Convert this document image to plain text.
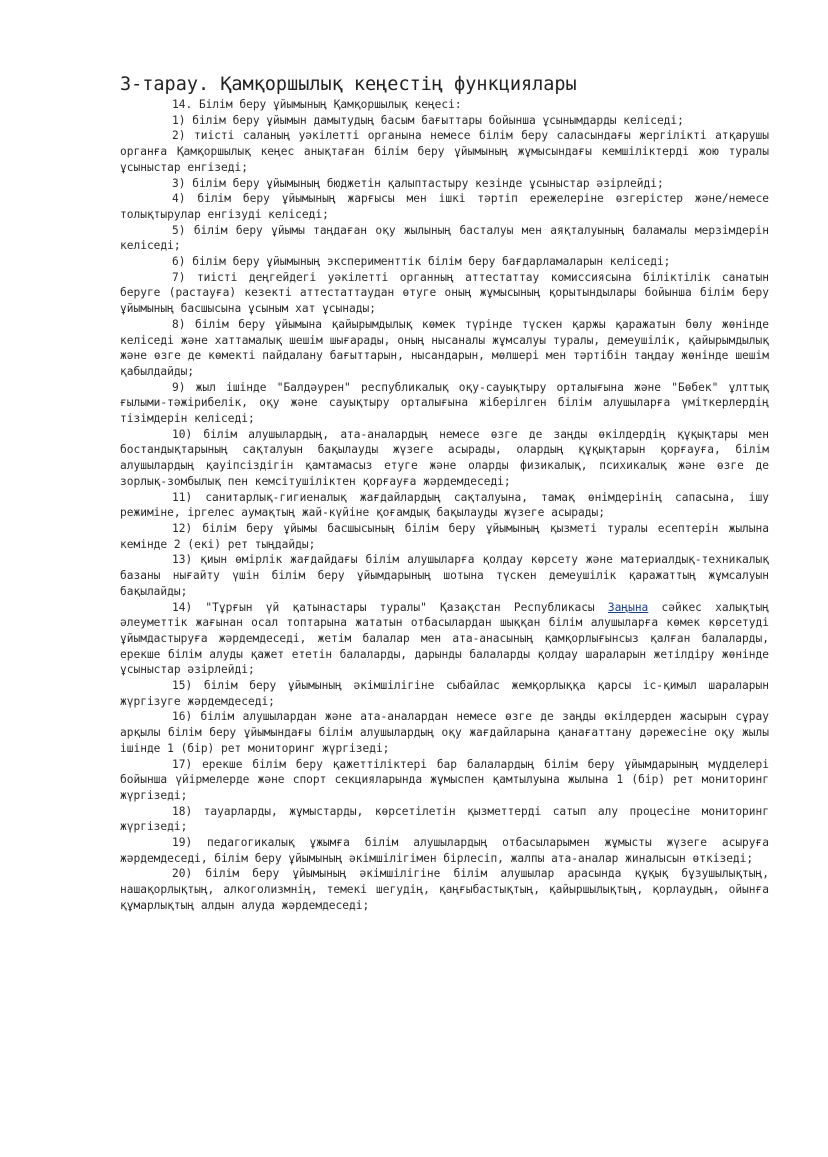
3-тарау. Қамқоршылық кеңестің функциялары

14. Білім беру ұйымының Қамқоршылық кеңесі:

1) білім беру ұйымын дамытудың басым бағыттары бойынша ұсынымдарды келіседі;

2) тиісті саланың уәкілетті органына немесе білім беру саласындағы жергілікті атқарушы органға Қамқоршылық кеңес анықтаған білім беру ұйымының жұмысындағы кемшіліктерді жою туралы ұсыныстар енгізеді;

3) білім беру ұйымының бюджетін қалыптастыру кезінде ұсыныстар әзірлейді;

4) білім беру ұйымының жарғысы мен ішкі тәртіп ережелеріне өзгерістер және/немесе толықтырулар енгізуді келіседі;

5) білім беру ұйымы таңдаған оқу жылының басталуы мен аяқталуының баламалы мерзімдерін келіседі;

6) білім беру ұйымының эксперименттік білім беру бағдарламаларын келіседі;

7) тиісті деңгейдегі уәкілетті органның аттестаттау комиссиясына біліктілік санатын беруге (растауға) кезекті аттестаттаудан өтуге оның жұмысының қорытындылары бойынша білім беру ұйымының басшысына ұсыным хат ұсынады;

8) білім беру ұйымына қайырымдылық көмек түрінде түскен қаржы қаражатын бөлу жөнінде келіседі және хаттамалық шешім шығарады, оның нысаналы жұмсалуы туралы, демеушілік, қайырымдылық және өзге де көмекті пайдалану бағыттарын, нысандарын, мөлшері мен тәртібін таңдау жөнінде шешім қабылдайды;

9) жыл ішінде "Балдәурен" республикалық оқу-сауықтыру орталығына және "Бөбек" ұлттық ғылыми-тәжірибелік, оқу және сауықтыру орталығына жіберілген білім алушыларға үміткерлердің тізімдерін келіседі;

10) білім алушылардың, ата-аналардың немесе өзге де заңды өкілдердің құқықтары мен бостандықтарының сақталуын бақылауды жүзеге асырады, олардың құқықтарын қорғауға, білім алушылардың қауіпсіздігін қамтамасыз етуге және оларды физикалық, психикалық және өзге де зорлық-зомбылық пен кемсітушіліктен қорғауға жәрдемдеседі;

11) санитарлық-гигиеналық жағдайлардың сақталуына, тамақ өнімдерінің сапасына, ішу режиміне, іргелес аумақтың жай-күйіне қоғамдық бақылауды жүзеге асырады;

12) білім беру ұйымы басшысының білім беру ұйымының қызметі туралы есептерін жылына кемінде 2 (екі) рет тыңдайды;

13) қиын өмірлік жағдайдағы білім алушыларға қолдау көрсету және материалдық-техникалық базаны нығайту үшін білім беру ұйымдарының шотына түскен демеушілік қаражаттың жұмсалуын бақылайды;

14) "Тұрғын үй қатынастары туралы" Қазақстан Республикасы Заңына сәйкес халықтың әлеуметтік жағынан осал топтарына жататын отбасылардан шыққан білім алушыларға көмек көрсетуді ұйымдастыруға жәрдемдеседі, жетім балалар мен ата-анасының қамқорлығынсыз қалған балаларды, ерекше білім алуды қажет ететін балаларды, дарынды балаларды қолдау шараларын жетілдіру жөнінде ұсыныстар әзірлейді;

15) білім беру ұйымының әкімшілігіне сыбайлас жемқорлыққа қарсы іс-қимыл шараларын жүргізуге жәрдемдеседі;

16) білім алушылардан және ата-аналардан немесе өзге де заңды өкілдерден жасырын сұрау арқылы білім беру ұйымындағы білім алушылардың оқу жағдайларына қанағаттану дәрежесіне оқу жылы ішінде 1 (бір) рет мониторинг жүргізеді;

17) ерекше білім беру қажеттіліктері бар балалардың білім беру ұйымдарының мүдделері бойынша үйірмелерде және спорт секцияларында жұмыспен қамтылуына жылына 1 (бір) рет мониторинг жүргізеді;

18) тауарларды, жұмыстарды, көрсетілетін қызметтерді сатып алу процесіне мониторинг жүргізеді;

19) педагогикалық ұжымға білім алушылардың отбасыларымен жұмысты жүзеге асыруға жәрдемдеседі, білім беру ұйымының әкімшілігімен бірлесіп, жалпы ата-аналар жиналысын өткізеді;

20) білім беру ұйымының әкімшілігіне білім алушылар арасында құқық бұзушылықтың, нашақорлықтың, алкоголизмнің, темекі шегудің, қаңғыбастықтың, қайыршылықтың, қорлаудың, ойынға құмарлықтың алдын алуда жәрдемдеседі;
